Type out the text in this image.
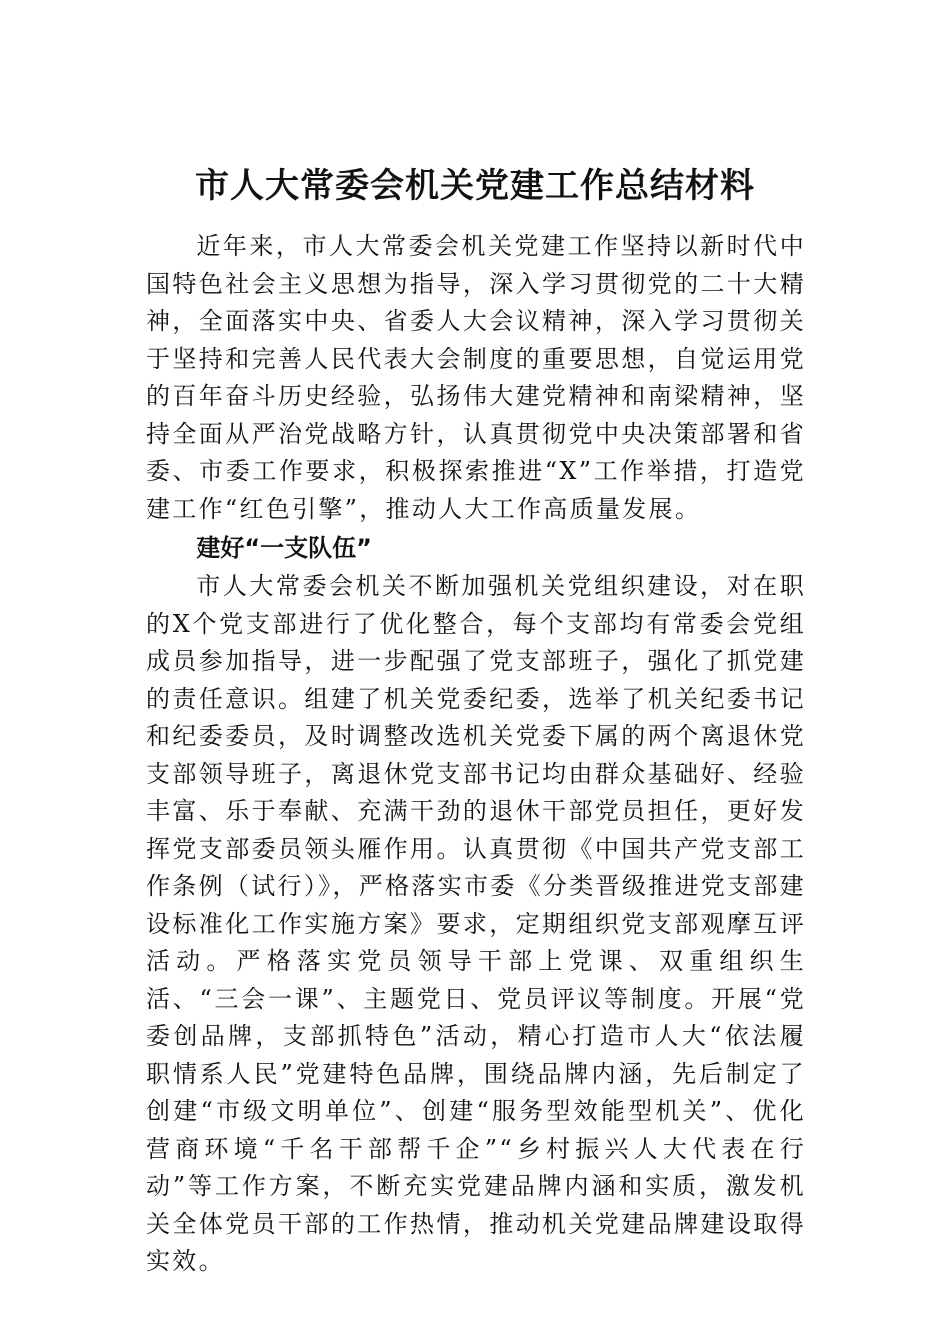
市人大常委会机关党建工作总结材料

近年来，市人大常委会机关党建工作坚持以新时代中国特色社会主义思想为指导，深入学习贯彻党的二十大精神，全面落实中央、省委人大会议精神，深入学习贯彻关于坚持和完善人民代表大会制度的重要思想，自觉运用党的百年奋斗历史经验，弘扬伟大建党精神和南梁精神，坚持全面从严治党战略方针，认真贯彻党中央决策部署和省委、市委工作要求，积极探索推进“X”工作举措，打造党建工作“红色引擎”，推动人大工作高质量发展。

建好“一支队伍”

市人大常委会机关不断加强机关党组织建设，对在职的X个党支部进行了优化整合，每个支部均有常委会党组成员参加指导，进一步配强了党支部班子，强化了抓党建的责任意识。组建了机关党委纪委，选举了机关纪委书记和纪委委员，及时调整改选机关党委下属的两个离退休党支部领导班子，离退休党支部书记均由群众基础好、经验丰富、乐于奉献、充满干劲的退休干部党员担任，更好发挥党支部委员领头雁作用。认真贯彻《中国共产党支部工作条例（试行）》，严格落实市委《分类晋级推进党支部建设标准化工作实施方案》要求，定期组织党支部观摩互评活动。严格落实党员领导干部上党课、双重组织生活、“三会一课”、主题党日、党员评议等制度。开展“党委创品牌，支部抓特色”活动，精心打造市人大“依法履职情系人民”党建特色品牌，围绕品牌内涵，先后制定了创建“市级文明单位”、创建“服务型效能型机关”、优化营商环境“千名干部帮千企”“乡村振兴人大代表在行动”等工作方案，不断充实党建品牌内涵和实质，激发机关全体党员干部的工作热情，推动机关党建品牌建设取得实效。
